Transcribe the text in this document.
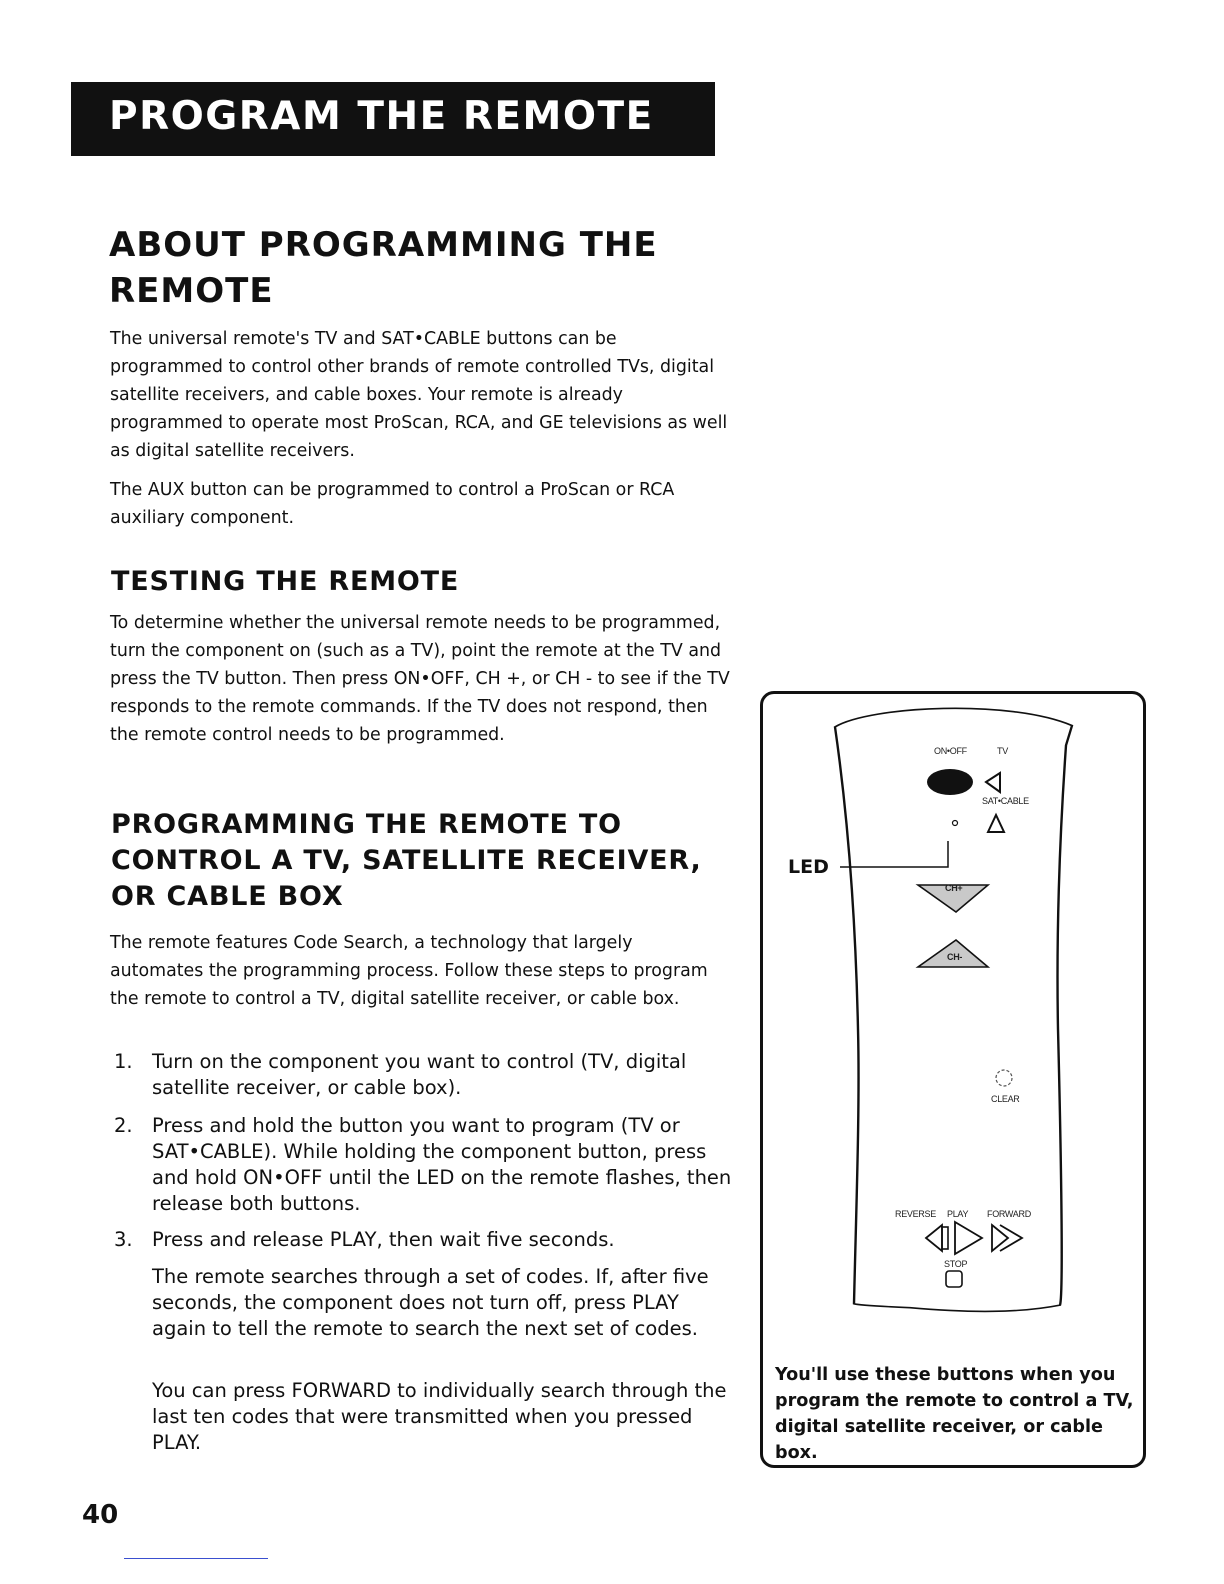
PROGRAM THE REMOTE
ABOUT PROGRAMMING THE
REMOTE

The universal remote's TV and SAT•CABLE buttons can be programmed to control other brands of remote controlled TVs, digital satellite receivers, and cable boxes. Your remote is already programmed to operate most ProScan, RCA, and GE televisions as well as digital satellite receivers.

The AUX button can be programmed to control a ProScan or RCA auxiliary component.

TESTING THE REMOTE

To determine whether the universal remote needs to be programmed, turn the component on (such as a TV), point the remote at the TV and press the TV button. Then press ON•OFF, CH +, or CH - to see if the TV responds to the remote commands. If the TV does not respond, then the remote control needs to be programmed.

PROGRAMMING THE REMOTE TO
CONTROL A TV, SATELLITE RECEIVER,
OR CABLE BOX

The remote features Code Search, a technology that largely automates the programming process. Follow these steps to program the remote to control a TV, digital satellite receiver, or cable box.

1. Turn on the component you want to control (TV, digital satellite receiver, or cable box).
2. Press and hold the button you want to program (TV or SAT•CABLE). While holding the component button, press and hold ON•OFF until the LED on the remote flashes, then release both buttons.
3. Press and release PLAY, then wait five seconds.

The remote searches through a set of codes. If, after five seconds, the component does not turn off, press PLAY again to tell the remote to search the next set of codes.

You can press FORWARD to individually search through the last ten codes that were transmitted when you pressed PLAY.

LED
ON•OFF	TV
SAT•CABLE
CH+
CH-
CLEAR
REVERSE PLAY FORWARD
STOP
You'll use these buttons when you program the remote to control a TV, digital satellite receiver, or cable box.
40
